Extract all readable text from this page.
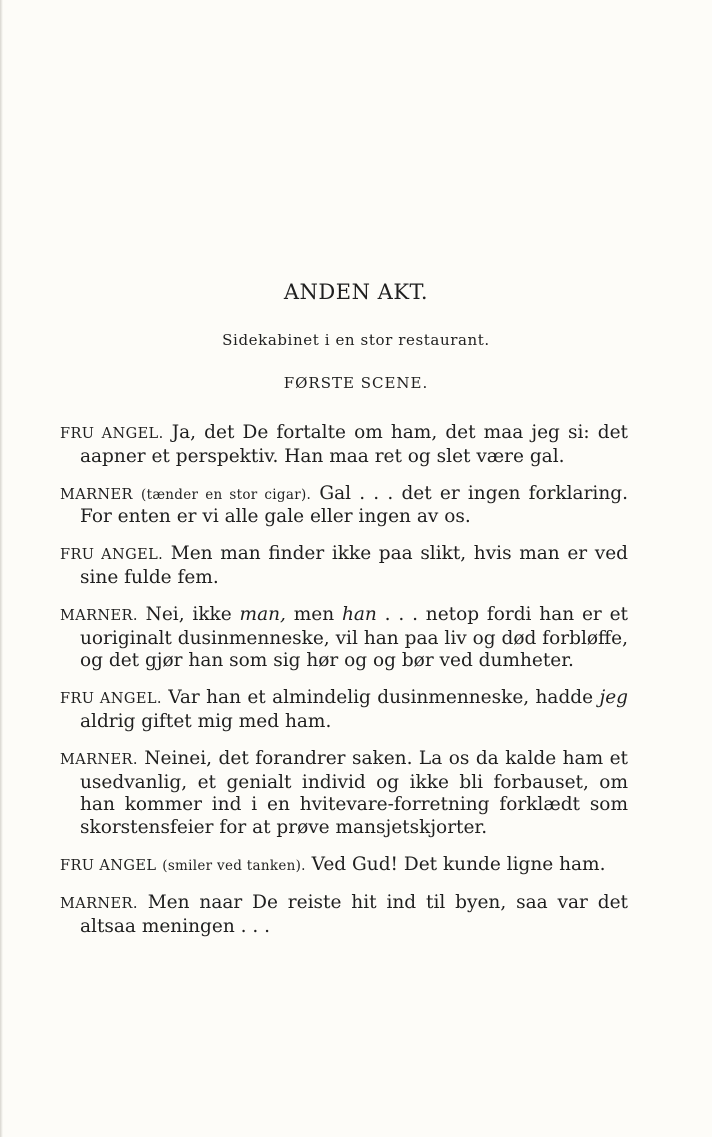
ANDEN AKT.
Sidekabinet i en stor restaurant.
FØRSTE SCENE.

FRU ANGEL. Ja, det De fortalte om ham, det maa jeg si: det aapner et perspektiv. Han maa ret og slet være gal.

MARNER (tænder en stor cigar). Gal . . . det er ingen forklaring. For enten er vi alle gale eller ingen av os.

FRU ANGEL. Men man finder ikke paa slikt, hvis man er ved sine fulde fem.

MARNER. Nei, ikke man, men han . . . netop fordi han er et uoriginalt dusinmenneske, vil han paa liv og død forbløffe, og det gjør han som sig hør og og bør ved dumheter.

FRU ANGEL. Var han et almindelig dusinmenneske, hadde jeg aldrig giftet mig med ham.

MARNER. Neinei, det forandrer saken. La os da kalde ham et usedvanlig, et genialt individ og ikke bli forbauset, om han kommer ind i en hvitevare-forretning forklædt som skorstensfeier for at prøve mansjetskjorter.

FRU ANGEL (smiler ved tanken). Ved Gud! Det kunde ligne ham.

MARNER. Men naar De reiste hit ind til byen, saa var det altsaa meningen . . .
